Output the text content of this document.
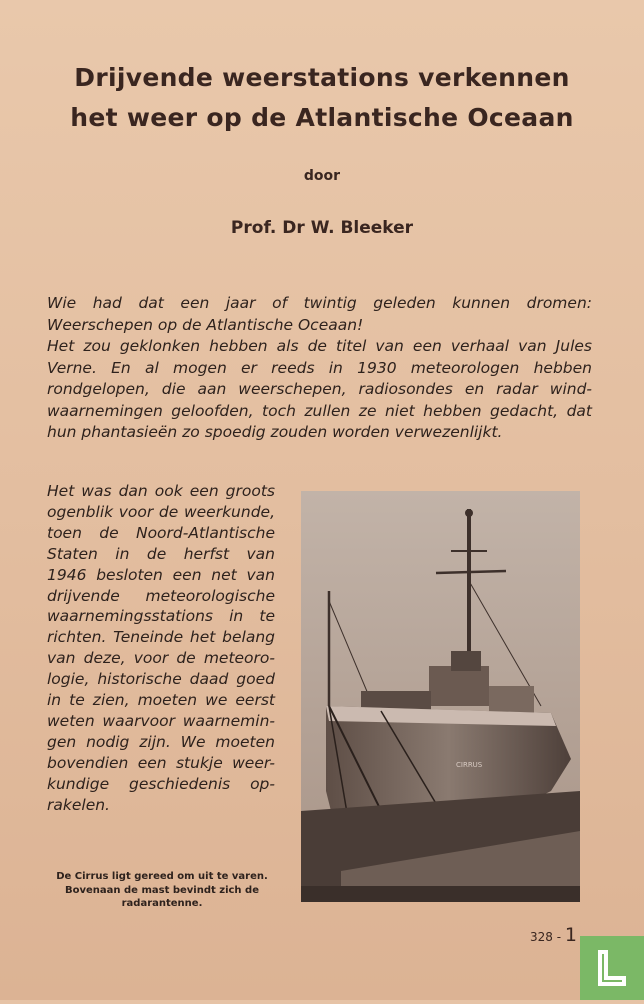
Drijvende weerstations verkennen
het weer op de Atlantische Oceaan
door
Prof. Dr W. Bleeker

Wie had dat een jaar of twintig geleden kunnen dromen: Weerschepen op de Atlantische Oceaan!

Het zou geklonken hebben als de titel van een verhaal van Jules Verne. En al mogen er reeds in 1930 meteorologen hebben rondgelopen, die aan weerschepen, radiosondes en radar wind-waarnemingen geloofden, toch zullen ze niet hebben gedacht, dat hun phantasieën zo spoedig zouden worden verwezenlijkt.

Het was dan ook een groots
ogenblik voor de weerkunde,
toen de Noord-Atlantische
Staten in de herfst van
1946 besloten een net van
drijvende meteorologische
waarnemingsstations in te
richten. Teneinde het belang
van deze, voor de meteoro-
logie, historische daad goed
in te zien, moeten we eerst
weten waarvoor waarnemin-
gen nodig zijn. We moeten
bovendien een stukje weer-
kundige geschiedenis op-
rakelen.
De Cirrus ligt gereed om uit te varen. Bovenaan de mast bevindt zich de radarantenne.
CIRRUS
328 - 1
